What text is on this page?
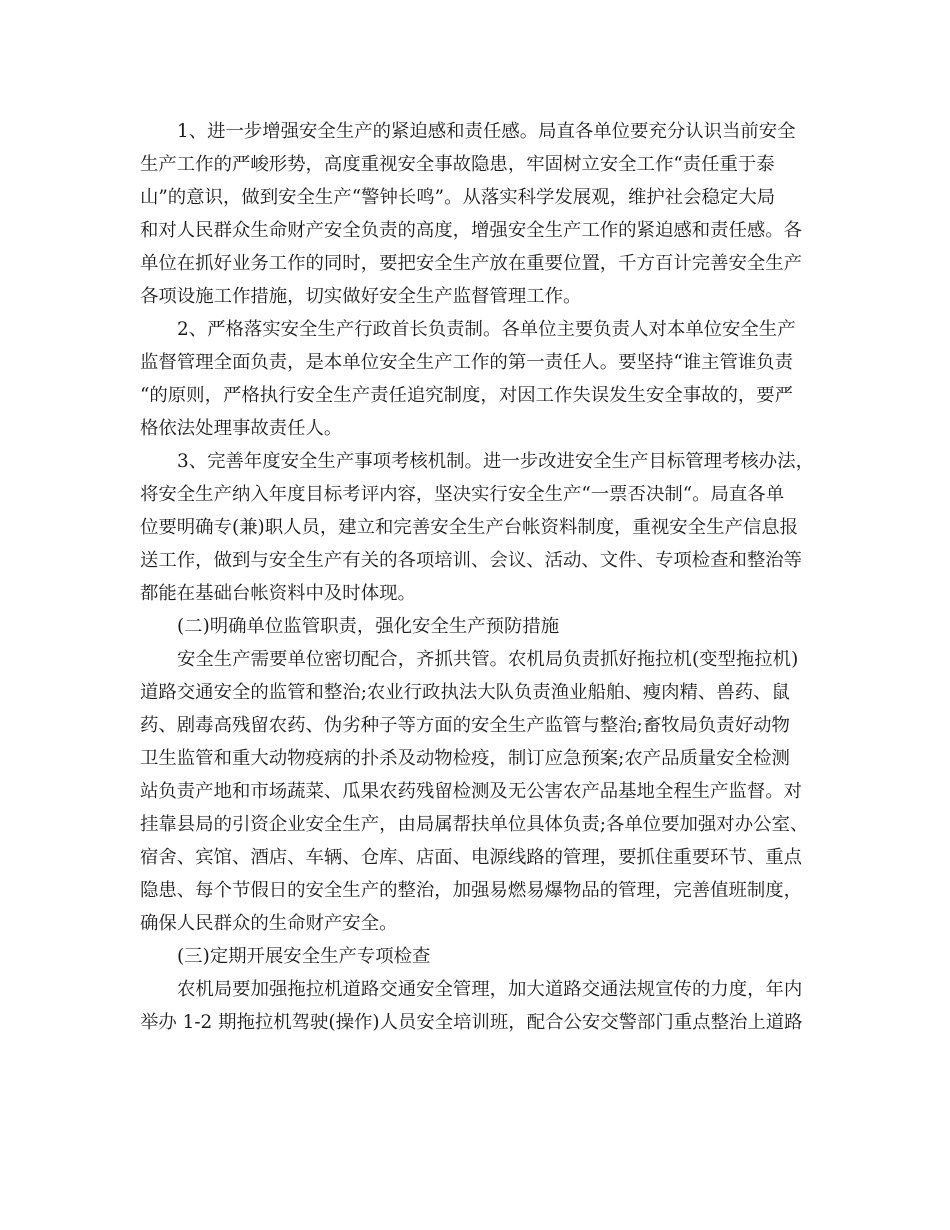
1、进一步增强安全生产的紧迫感和责任感。局直各单位要充分认识当前安全
生产工作的严峻形势，高度重视安全事故隐患，牢固树立安全工作“责任重于泰
山”的意识，做到安全生产“警钟长鸣”。从落实科学发展观，维护社会稳定大局
和对人民群众生命财产安全负责的高度，增强安全生产工作的紧迫感和责任感。各
单位在抓好业务工作的同时，要把安全生产放在重要位置，千方百计完善安全生产
各项设施工作措施，切实做好安全生产监督管理工作。
2、严格落实安全生产行政首长负责制。各单位主要负责人对本单位安全生产
监督管理全面负责，是本单位安全生产工作的第一责任人。要坚持“谁主管谁负责
“的原则，严格执行安全生产责任追究制度，对因工作失误发生安全事故的，要严
格依法处理事故责任人。
3、完善年度安全生产事项考核机制。进一步改进安全生产目标管理考核办法，
将安全生产纳入年度目标考评内容，坚决实行安全生产“一票否决制“。局直各单
位要明确专(兼)职人员，建立和完善安全生产台帐资料制度，重视安全生产信息报
送工作，做到与安全生产有关的各项培训、会议、活动、文件、专项检查和整治等
都能在基础台帐资料中及时体现。
(二)明确单位监管职责，强化安全生产预防措施
安全生产需要单位密切配合，齐抓共管。农机局负责抓好拖拉机(变型拖拉机)
道路交通安全的监管和整治;农业行政执法大队负责渔业船舶、瘦肉精、兽药、鼠
药、剧毒高残留农药、伪劣种子等方面的安全生产监管与整治;畜牧局负责好动物
卫生监管和重大动物疫病的扑杀及动物检疫，制订应急预案;农产品质量安全检测
站负责产地和市场蔬菜、瓜果农药残留检测及无公害农产品基地全程生产监督。对
挂靠县局的引资企业安全生产，由局属帮扶单位具体负责;各单位要加强对办公室、
宿舍、宾馆、酒店、车辆、仓库、店面、电源线路的管理，要抓住重要环节、重点
隐患、每个节假日的安全生产的整治，加强易燃易爆物品的管理，完善值班制度，
确保人民群众的生命财产安全。
(三)定期开展安全生产专项检查
农机局要加强拖拉机道路交通安全管理，加大道路交通法规宣传的力度，年内
举办 1-2 期拖拉机驾驶(操作)人员安全培训班，配合公安交警部门重点整治上道路
